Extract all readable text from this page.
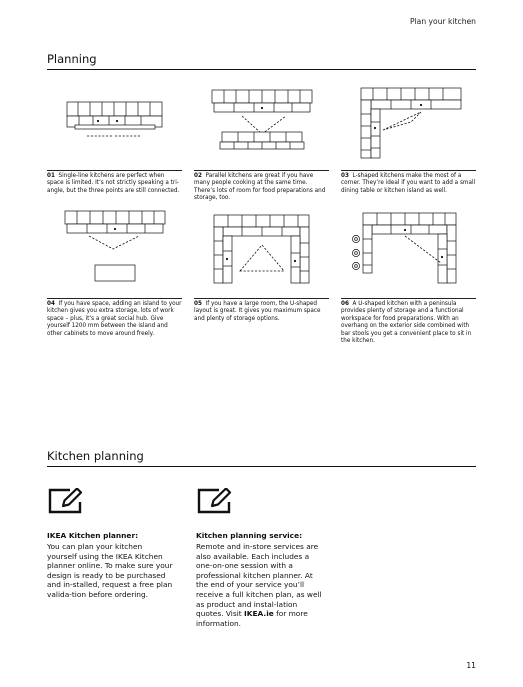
Plan your kitchen
Planning
01 Single-line kitchens are perfect when space is limited. It’s not strictly speaking a tri-angle, but the three points are still connected.
02 Parallel kitchens are great if you have many people cooking at the same time. There’s lots of room for food preparations and storage, too.
03 L-shaped kitchens make the most of a corner. They’re ideal if you want to add a small dining table or kitchen island as well.
04 If you have space, adding an island to your kitchen gives you extra storage, lots of work space – plus, it’s a great social hub. Give yourself 1200 mm between the island and other cabinets to move around freely.
05 If you have a large room, the U-shaped layout is great. It gives you maximum space and plenty of storage options.
06 A U-shaped kitchen with a peninsula provides plenty of storage and a functional workspace for food preparations. With an overhang on the exterior side combined with bar stools you get a convenient place to sit in the kitchen.
Kitchen planning
IKEA Kitchen planner:
You can plan your kitchen yourself using the IKEA Kitchen planner online. To make sure your design is ready to be purchased and in-stalled, request a free plan valida-tion before ordering.
Kitchen planning service:
Remote and in-store services are also available. Each includes a one-on-one session with a professional kitchen planner. At the end of your service you’ll receive a full kitchen plan, as well as product and instal-lation quotes. Visit IKEA.ie for more information.
11
